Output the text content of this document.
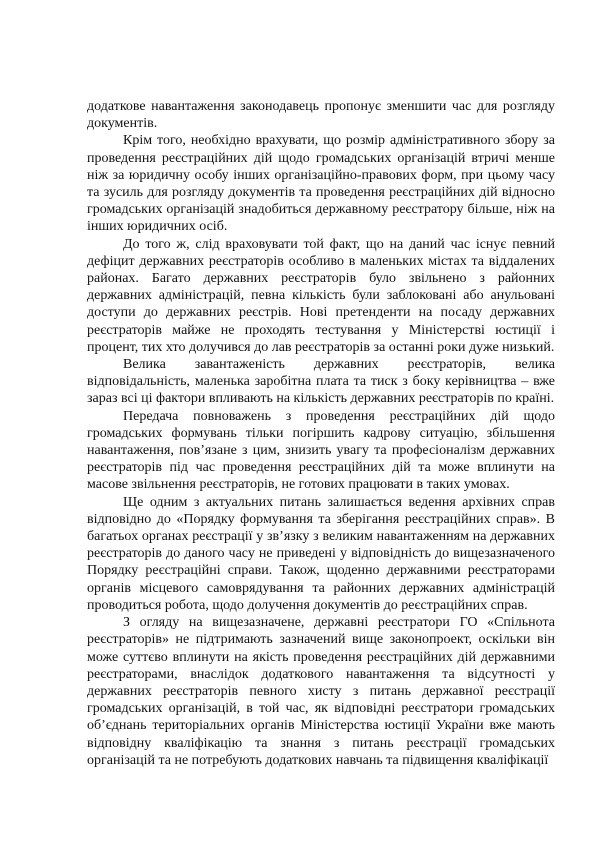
додаткове навантаження законодавець пропонує зменшити час для розгляду документів.

Крім того, необхідно врахувати, що розмір адміністративного збору за проведення реєстраційних дій щодо громадських організацій втричі менше ніж за юридичну особу інших організаційно-правових форм, при цьому часу та зусиль для розгляду документів та проведення реєстраційних дій відносно громадських організацій знадобиться державному реєстратору більше, ніж на інших юридичних осіб.

До того ж, слід враховувати той факт, що на даний час існує певний дефіцит державних реєстраторів особливо в маленьких містах та віддалених районах. Багато державних реєстраторів було звільнено з районних державних адміністрацій, певна кількість були заблоковані або анульовані доступи до державних реєстрів. Нові претенденти на посаду державних реєстраторів майже не проходять тестування у Міністерстві юстиції і процент, тих хто долучився до лав реєстраторів за останні роки дуже низький.

Велика завантаженість державних реєстраторів, велика відповідальність, маленька заробітна плата та тиск з боку керівництва – вже зараз всі ці фактори впливають на кількість державних реєстраторів по країні.

Передача повноважень з проведення реєстраційних дій щодо громадських формувань тільки погіршить кадрову ситуацію, збільшення навантаження, пов’язане з цим, знизить увагу та професіоналізм державних реєстраторів під час проведення реєстраційних дій та може вплинути на масове звільнення реєстраторів, не готових працювати в таких умовах.

Ще одним з актуальних питань залишається ведення архівних справ відповідно до «Порядку формування та зберігання реєстраційних справ». В багатьох органах реєстрації у зв’язку з великим навантаженням на державних реєстраторів до даного часу не приведені у відповідність до вищезазначеного Порядку реєстраційні справи. Також, щоденно державними реєстраторами органів місцевого самоврядування та районних державних адміністрацій проводиться робота, щодо долучення документів до реєстраційних справ.

З огляду на вищезазначене, державні реєстратори ГО «Спільнота реєстраторів» не підтримають зазначений вище законопроект, оскільки він може суттєво вплинути на якість проведення реєстраційних дій державними реєстраторами, внаслідок додаткового навантаження та відсутності у державних реєстраторів певного хисту з питань державної реєстрації громадських організацій, в той час, як відповідні реєстратори громадських об’єднань територіальних органів Міністерства юстиції України вже мають відповідну кваліфікацію та знання з питань реєстрації громадських організацій та не потребують додаткових навчань та підвищення кваліфікації
